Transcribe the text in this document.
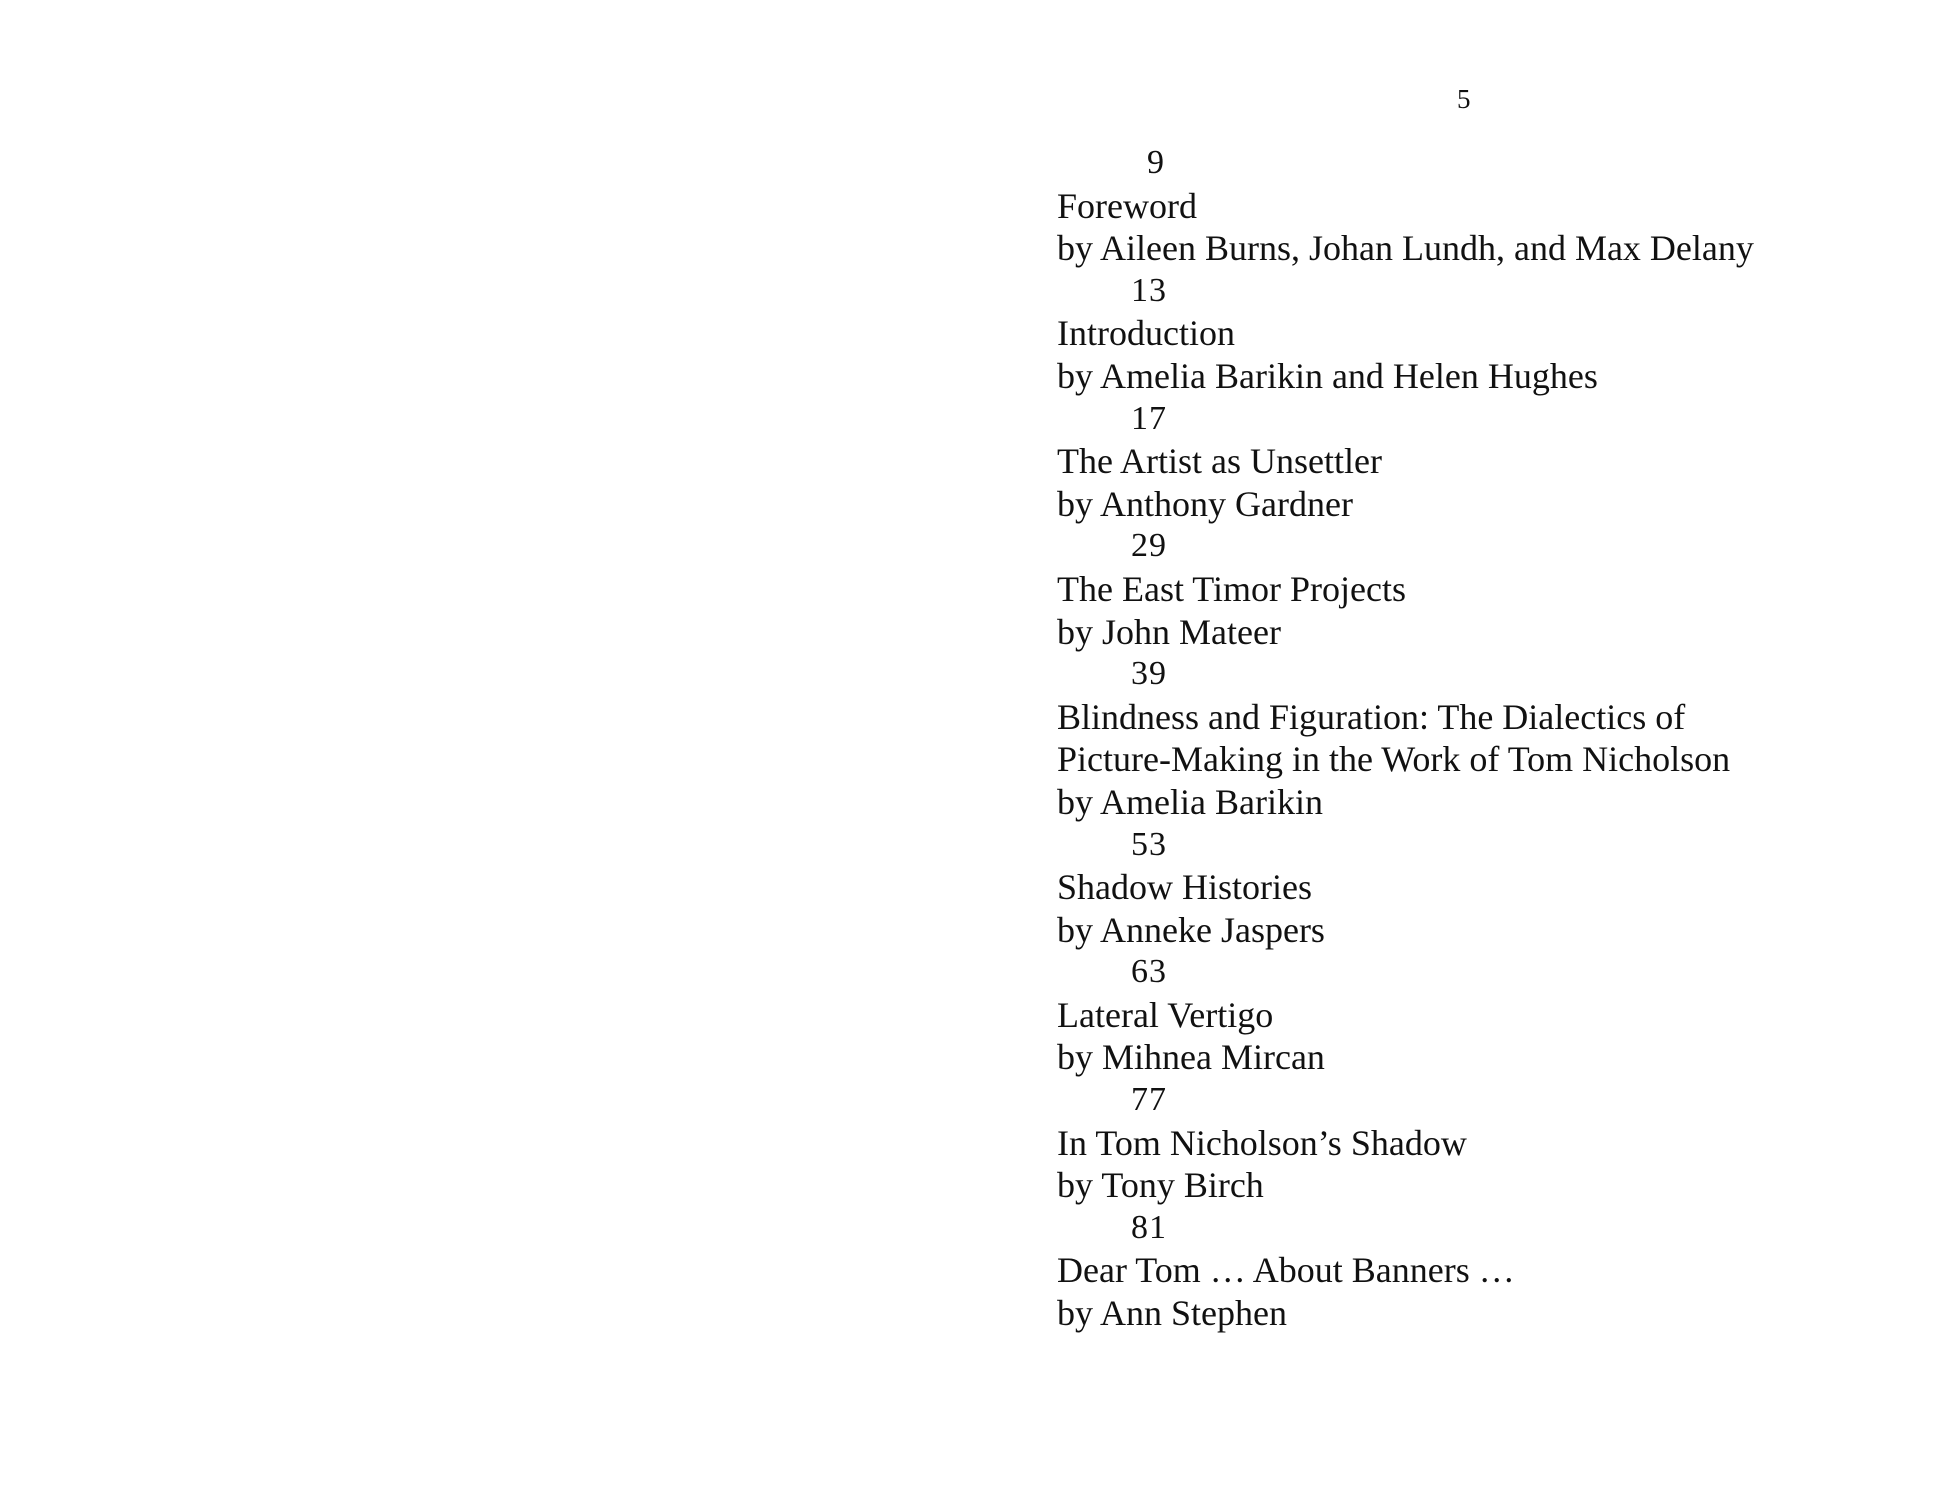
5
9
Foreword
by Aileen Burns, Johan Lundh, and Max Delany
13
Introduction
by Amelia Barikin and Helen Hughes
17
The Artist as Unsettler
by Anthony Gardner
29
The East Timor Projects
by John Mateer
39
Blindness and Figuration: The Dialectics of Picture-Making in the Work of Tom Nicholson
by Amelia Barikin
53
Shadow Histories
by Anneke Jaspers
63
Lateral Vertigo
by Mihnea Mircan
77
In Tom Nicholson’s Shadow
by Tony Birch
81
Dear Tom … About Banners …
by Ann Stephen
